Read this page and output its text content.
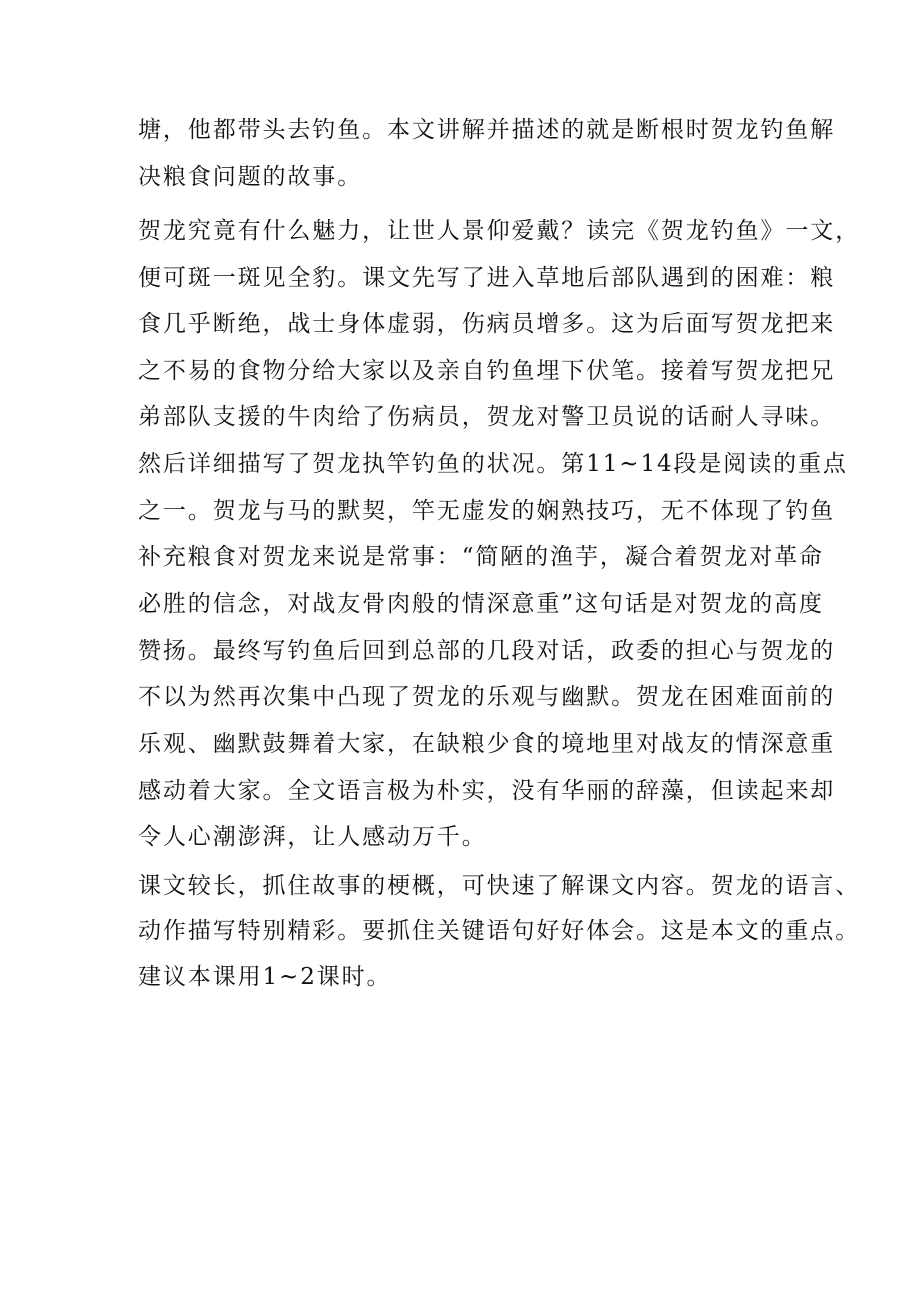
塘，他都带头去钓鱼。本文讲解并描述的就是断根时贺龙钓鱼解

决粮食问题的故事。

贺龙究竟有什么魅力，让世人景仰爱戴？读完《贺龙钓鱼》一文，

便可斑一斑见全豹。课文先写了进入草地后部队遇到的困难：粮

食几乎断绝，战士身体虚弱，伤病员增多。这为后面写贺龙把来

之不易的食物分给大家以及亲自钓鱼埋下伏笔。接着写贺龙把兄

弟部队支援的牛肉给了伤病员，贺龙对警卫员说的话耐人寻味。

然后详细描写了贺龙执竿钓鱼的状况。第11~14段是阅读的重点

之一。贺龙与马的默契，竿无虚发的娴熟技巧，无不体现了钓鱼

补充粮食对贺龙来说是常事：“简陋的渔芋，凝合着贺龙对革命

必胜的信念，对战友骨肉般的情深意重”这句话是对贺龙的高度

赞扬。最终写钓鱼后回到总部的几段对话，政委的担心与贺龙的

不以为然再次集中凸现了贺龙的乐观与幽默。贺龙在困难面前的

乐观、幽默鼓舞着大家，在缺粮少食的境地里对战友的情深意重

感动着大家。全文语言极为朴实，没有华丽的辞藻，但读起来却

令人心潮澎湃，让人感动万千。

课文较长，抓住故事的梗概，可快速了解课文内容。贺龙的语言、

动作描写特别精彩。要抓住关键语句好好体会。这是本文的重点。

建议本课用1~2课时。
